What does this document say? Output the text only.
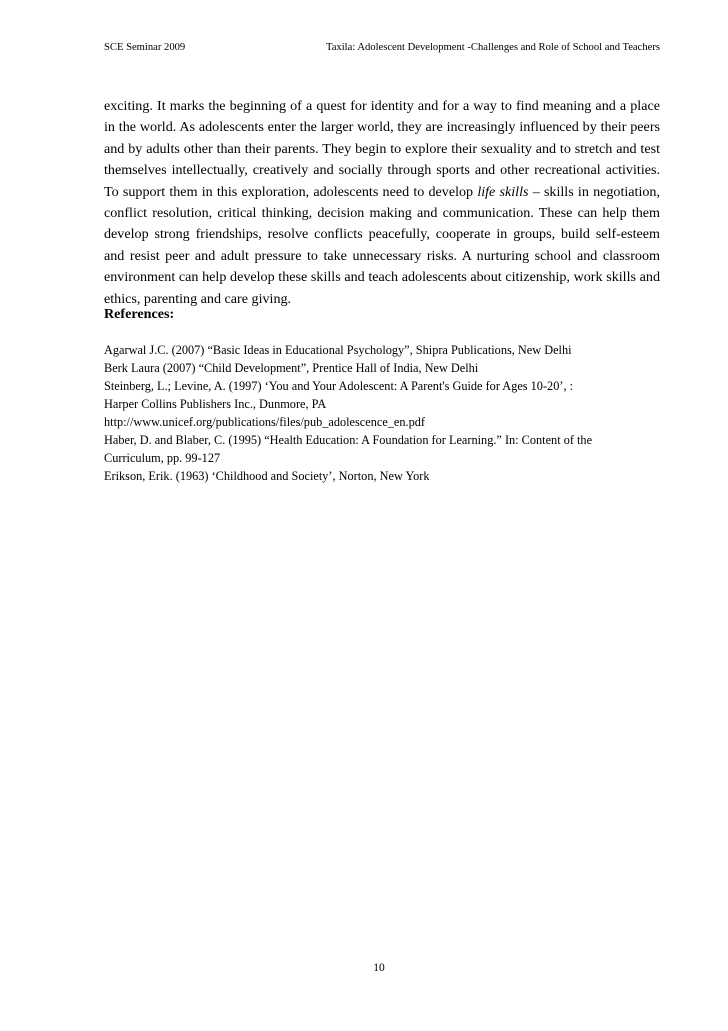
SCE Seminar 2009	Taxila: Adolescent Development -Challenges and Role of School and Teachers

exciting. It marks the beginning of a quest for identity and for a way to find meaning and a place in the world. As adolescents enter the larger world, they are increasingly influenced by their peers and by adults other than their parents. They begin to explore their sexuality and to stretch and test themselves intellectually, creatively and socially through sports and other recreational activities. To support them in this exploration, adolescents need to develop life skills – skills in negotiation, conflict resolution, critical thinking, decision making and communication. These can help them develop strong friendships, resolve conflicts peacefully, cooperate in groups, build self-esteem and resist peer and adult pressure to take unnecessary risks. A nurturing school and classroom environment can help develop these skills and teach adolescents about citizenship, work skills and ethics, parenting and care giving.

References:
Agarwal J.C. (2007) “Basic Ideas in Educational Psychology”, Shipra Publications, New Delhi
Berk Laura (2007) “Child Development”, Prentice Hall of India, New Delhi
Steinberg, L.; Levine, A. (1997) ‘You and Your Adolescent: A Parent's Guide for Ages 10-20’, :
Harper Collins Publishers Inc., Dunmore, PA
http://www.unicef.org/publications/files/pub_adolescence_en.pdf
Haber, D. and Blaber, C. (1995) “Health Education: A Foundation for Learning.” In: Content of the
Curriculum, pp. 99-127
Erikson, Erik. (1963) ‘Childhood and Society’, Norton, New York
10
